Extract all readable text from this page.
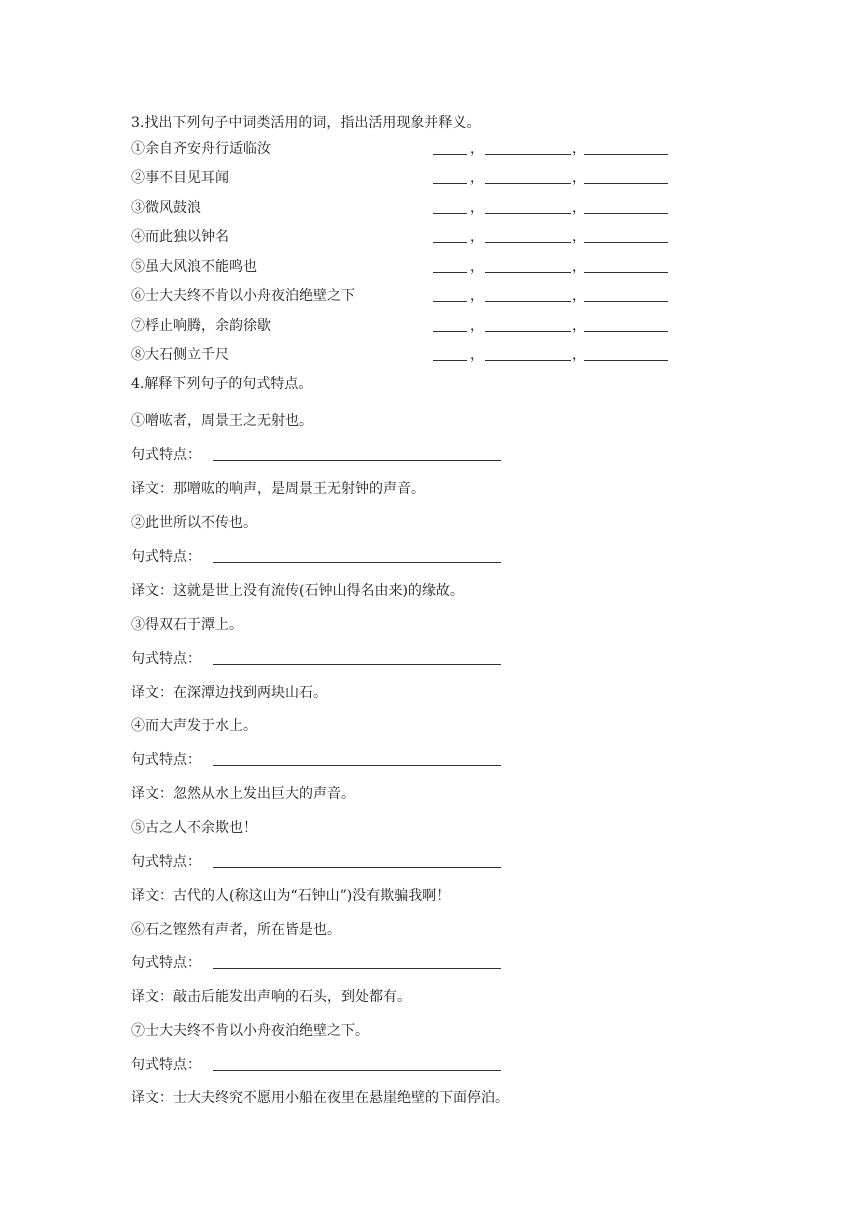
3.找出下列句子中词类活用的词，指出活用现象并释义。
①余自齐安舟行适临汝	，	，
②事不目见耳闻	，	，
③微风鼓浪	，	，
④而此独以钟名	，	，
⑤虽大风浪不能鸣也	，	，
⑥士大夫终不肯以小舟夜泊绝壁之下	，	，
⑦桴止响腾，余韵徐歇	，	，
⑧大石侧立千尺	，	，
4.解释下列句子的句式特点。
①噌吰者，周景王之无射也。
句式特点：
译文：那噌吰的响声，是周景王无射钟的声音。
②此世所以不传也。
句式特点：
译文：这就是世上没有流传(石钟山得名由来)的缘故。
③得双石于潭上。
句式特点：
译文：在深潭边找到两块山石。
④而大声发于水上。
句式特点：
译文：忽然从水上发出巨大的声音。
⑤古之人不余欺也！
句式特点：
译文：古代的人(称这山为“石钟山”)没有欺骗我啊！
⑥石之铿然有声者，所在皆是也。
句式特点：
译文：敲击后能发出声响的石头，到处都有。
⑦士大夫终不肯以小舟夜泊绝壁之下。
句式特点：
译文：士大夫终究不愿用小船在夜里在悬崖绝壁的下面停泊。
